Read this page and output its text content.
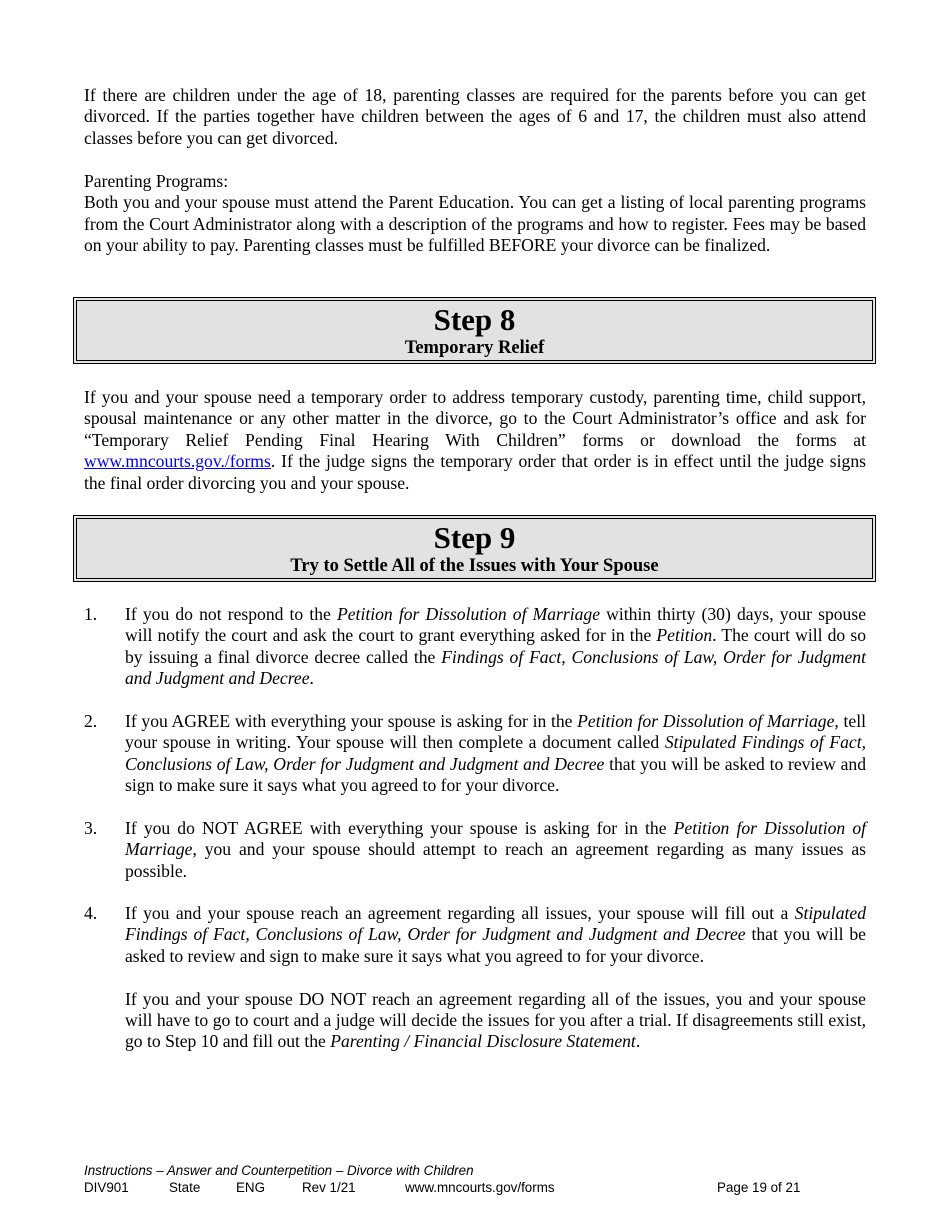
If there are children under the age of 18, parenting classes are required for the parents before you can get divorced. If the parties together have children between the ages of 6 and 17, the children must also attend classes before you can get divorced.

Parenting Programs:
Both you and your spouse must attend the Parent Education. You can get a listing of local parenting programs from the Court Administrator along with a description of the programs and how to register. Fees may be based on your ability to pay. Parenting classes must be fulfilled BEFORE your divorce can be finalized.
Step 8
Temporary Relief

If you and your spouse need a temporary order to address temporary custody, parenting time, child support, spousal maintenance or any other matter in the divorce, go to the Court Administrator’s office and ask for “Temporary Relief Pending Final Hearing With Children” forms or download the forms at www.mncourts.gov./forms. If the judge signs the temporary order that order is in effect until the judge signs the final order divorcing you and your spouse.

Step 9
Try to Settle All of the Issues with Your Spouse
1.	If you do not respond to the Petition for Dissolution of Marriage within thirty (30) days, your spouse will notify the court and ask the court to grant everything asked for in the Petition. The court will do so by issuing a final divorce decree called the Findings of Fact, Conclusions of Law, Order for Judgment and Judgment and Decree.
2.	If you AGREE with everything your spouse is asking for in the Petition for Dissolution of Marriage, tell your spouse in writing. Your spouse will then complete a document called Stipulated Findings of Fact, Conclusions of Law, Order for Judgment and Judgment and Decree that you will be asked to review and sign to make sure it says what you agreed to for your divorce.
3.	If you do NOT AGREE with everything your spouse is asking for in the Petition for Dissolution of Marriage, you and your spouse should attempt to reach an agreement regarding as many issues as possible.
4.	If you and your spouse reach an agreement regarding all issues, your spouse will fill out a Stipulated Findings of Fact, Conclusions of Law, Order for Judgment and Judgment and Decree that you will be asked to review and sign to make sure it says what you agreed to for your divorce.
If you and your spouse DO NOT reach an agreement regarding all of the issues, you and your spouse will have to go to court and a judge will decide the issues for you after a trial. If disagreements still exist, go to Step 10 and fill out the Parenting / Financial Disclosure Statement.
Instructions – Answer and Counterpetition – Divorce with Children
DIV901	State	ENG	Rev 1/21	www.mncourts.gov/forms	Page 19 of 21
